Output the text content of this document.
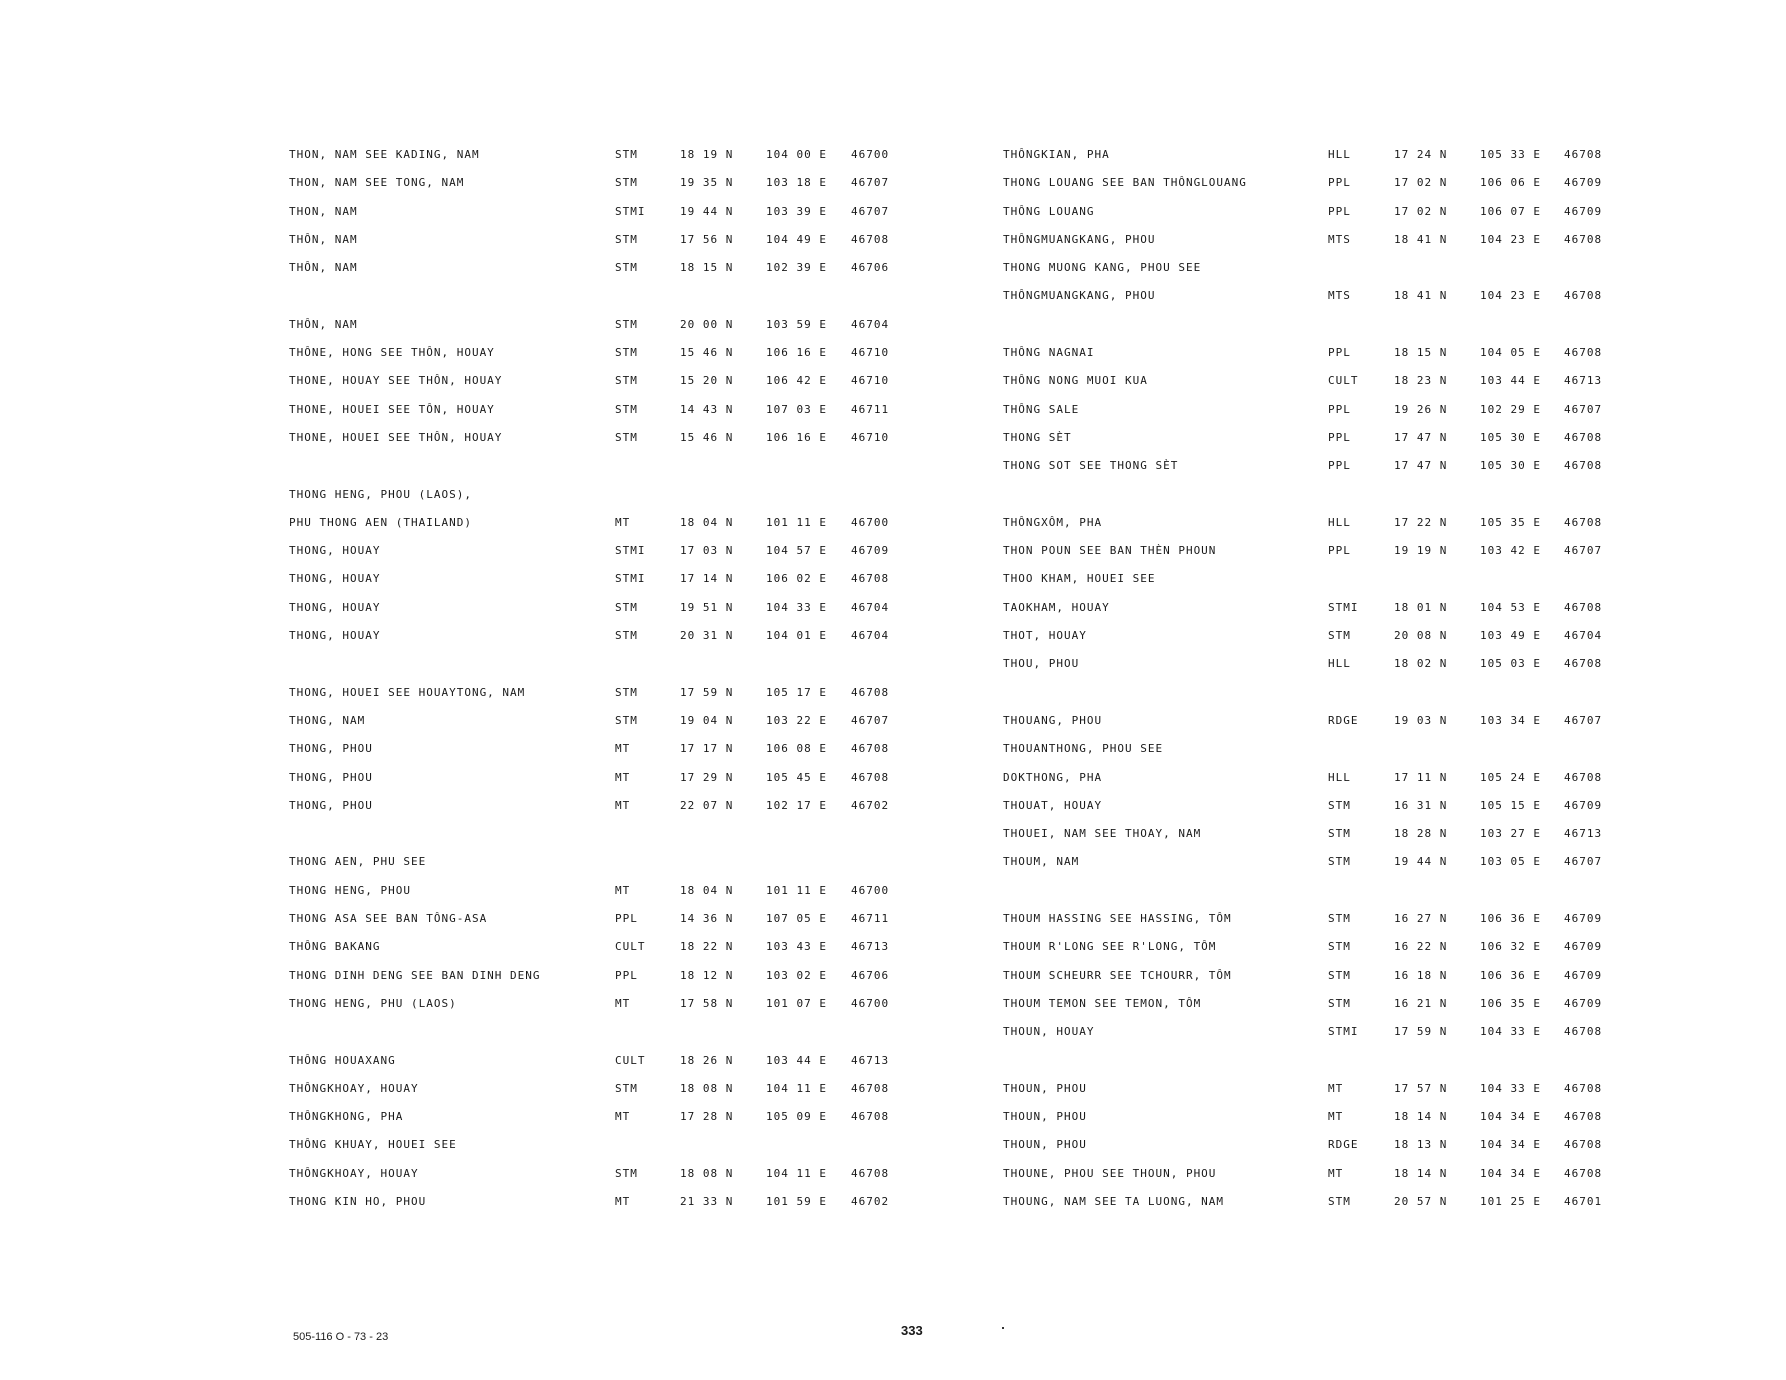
THON, NAM SEE KADING, NAM	STM	18 19 N	104 00 E 46700
THON, NAM SEE TONG, NAM	STM	19 35 N	103 18 E 46707
THON, NAM	STMI	19 44 N	103 39 E 46707
THÔN, NAM	STM	17 56 N	104 49 E 46708
THÔN, NAM	STM	18 15 N	102 39 E 46706
THÔN, NAM	STM	20 00 N	103 59 E 46704
THÔNE, HONG SEE THÔN, HOUAY	STM	15 46 N	106 16 E 46710
THONE, HOUAY SEE THÔN, HOUAY	STM	15 20 N	106 42 E 46710
THONE, HOUEI SEE TÔN, HOUAY	STM	14 43 N	107 03 E 46711
THONE, HOUEI SEE THÔN, HOUAY	STM	15 46 N	106 16 E 46710
THONG HENG, PHOU (LAOS),
PHU THONG AEN (THAILAND)	MT	18 04 N	101 11 E 46700
THONG, HOUAY	STMI	17 03 N	104 57 E 46709
THONG, HOUAY	STMI	17 14 N	106 02 E 46708
THONG, HOUAY	STM	19 51 N	104 33 E 46704
THONG, HOUAY	STM	20 31 N	104 01 E 46704
THONG, HOUEI SEE HOUAYTONG, NAM	STM	17 59 N	105 17 E 46708
THONG, NAM	STM	19 04 N	103 22 E 46707
THONG, PHOU	MT	17 17 N	106 08 E 46708
THONG, PHOU	MT	17 29 N	105 45 E 46708
THONG, PHOU	MT	22 07 N	102 17 E 46702
THONG AEN, PHU SEE
THONG HENG, PHOU	MT	18 04 N	101 11 E 46700
THONG ASA SEE BAN TÔNG-ASA	PPL	14 36 N	107 05 E 46711
THÔNG BAKANG	CULT	18 22 N	103 43 E 46713
THONG DINH DENG SEE BAN DINH DENG	PPL	18 12 N	103 02 E 46706
THONG HENG, PHU (LAOS)	MT	17 58 N	101 07 E 46700
THÔNG HOUAXANG	CULT	18 26 N	103 44 E 46713
THÔNGKHOAY, HOUAY	STM	18 08 N	104 11 E 46708
THÔNGKHONG, PHA	MT	17 28 N	105 09 E 46708
THÔNG KHUAY, HOUEI SEE
THÔNGKHOAY, HOUAY	STM	18 08 N	104 11 E 46708
THONG KIN HO, PHOU	MT	21 33 N	101 59 E 46702
THÔNGKIAN, PHA	HLL	17 24 N	105 33 E 46708
THONG LOUANG SEE BAN THÔNGLOUANG	PPL	17 02 N	106 06 E 46709
THÔNG LOUANG	PPL	17 02 N	106 07 E 46709
THÔNGMUANGKANG, PHOU	MTS	18 41 N	104 23 E 46708
THONG MUONG KANG, PHOU SEE
THÔNGMUANGKANG, PHOU	MTS	18 41 N	104 23 E 46708
THÔNG NAGNAI	PPL	18 15 N	104 05 E 46708
THÔNG NONG MUOI KUA	CULT	18 23 N	103 44 E 46713
THÔNG SALE	PPL	19 26 N	102 29 E 46707
THONG SÈT	PPL	17 47 N	105 30 E 46708
THONG SOT SEE THONG SÈT	PPL	17 47 N	105 30 E 46708
THÔNGXÔM, PHA	HLL	17 22 N	105 35 E 46708
THON POUN SEE BAN THÈN PHOUN	PPL	19 19 N	103 42 E 46707
THOO KHAM, HOUEI SEE
TAOKHAM, HOUAY	STMI	18 01 N	104 53 E 46708
THOT, HOUAY	STM	20 08 N	103 49 E 46704
THOU, PHOU	HLL	18 02 N	105 03 E 46708
THOUANG, PHOU	RDGE	19 03 N	103 34 E 46707
THOUANTHONG, PHOU SEE
DOKTHONG, PHA	HLL	17 11 N	105 24 E 46708
THOUAT, HOUAY	STM	16 31 N	105 15 E 46709
THOUEI, NAM SEE THOAY, NAM	STM	18 28 N	103 27 E 46713
THOUM, NAM	STM	19 44 N	103 05 E 46707
THOUM HASSING SEE HASSING, TÔM	STM	16 27 N	106 36 E 46709
THOUM R'LONG SEE R'LONG, TÔM	STM	16 22 N	106 32 E 46709
THOUM SCHEURR SEE TCHOURR, TÔM	STM	16 18 N	106 36 E 46709
THOUM TEMON SEE TEMON, TÔM	STM	16 21 N	106 35 E 46709
THOUN, HOUAY	STMI	17 59 N	104 33 E 46708
THOUN, PHOU	MT	17 57 N	104 33 E 46708
THOUN, PHOU	MT	18 14 N	104 34 E 46708
THOUN, PHOU	RDGE	18 13 N	104 34 E 46708
THOUNE, PHOU SEE THOUN, PHOU	MT	18 14 N	104 34 E 46708
THOUNG, NAM SEE TA LUONG, NAM	STM	20 57 N	101 25 E 46701
505-116 O - 73 - 23	333
